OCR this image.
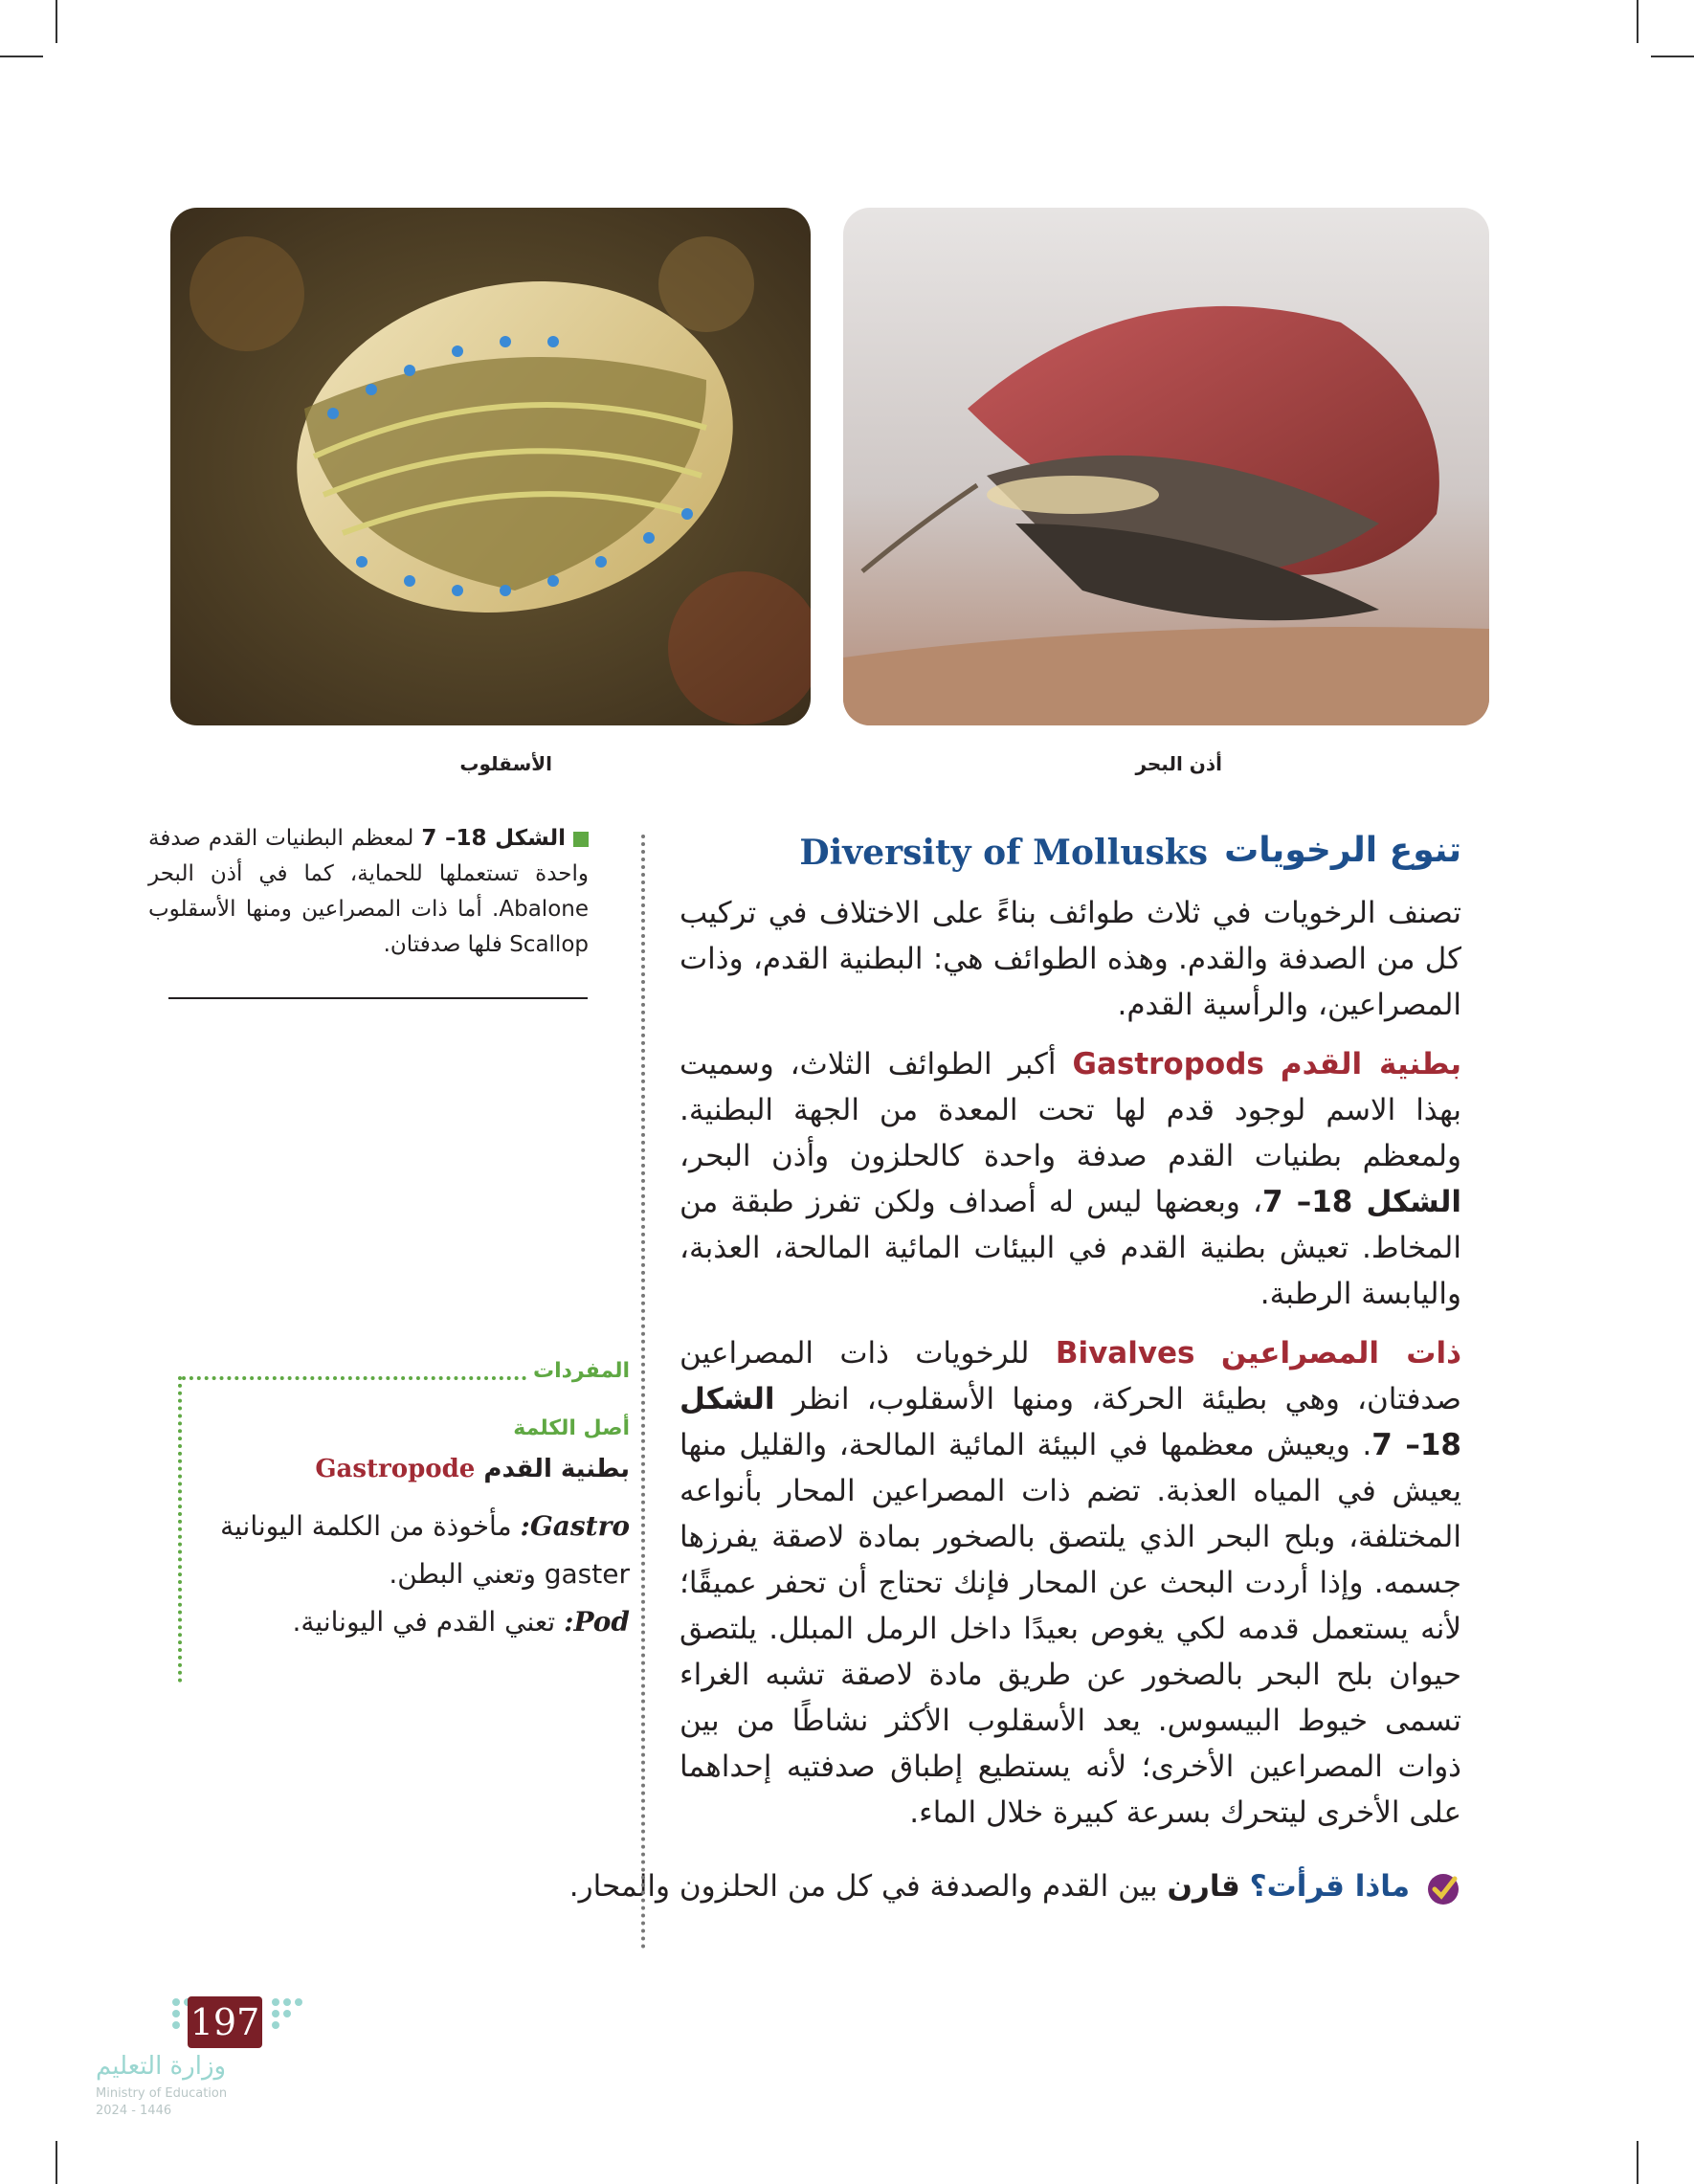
الأسقلوب	أذن البحر
تنوع الرخويات
Diversity of Mollusks

تصنف الرخويات في ثلاث طوائف بناءً على الاختلاف في تركيب كل من الصدفة والقدم. وهذه الطوائف هي: البطنية القدم، وذات المصراعين، والرأسية القدم.

بطنية القدم Gastropods أكبر الطوائف الثلاث، وسميت بهذا الاسم لوجود قدم لها تحت المعدة من الجهة البطنية. ولمعظم بطنيات القدم صدفة واحدة كالحلزون وأذن البحر، الشكل 18– 7، وبعضها ليس له أصداف ولكن تفرز طبقة من المخاط. تعيش بطنية القدم في البيئات المائية المالحة، العذبة، واليابسة الرطبة.

ذات المصراعين Bivalves للرخويات ذات المصراعين صدفتان، وهي بطيئة الحركة، ومنها الأسقلوب، انظر الشكل 18– 7. ويعيش معظمها في البيئة المائية المالحة، والقليل منها يعيش في المياه العذبة. تضم ذات المصراعين المحار بأنواعه المختلفة، وبلح البحر الذي يلتصق بالصخور بمادة لاصقة يفرزها جسمه. وإذا أردت البحث عن المحار فإنك تحتاج أن تحفر عميقًا؛ لأنه يستعمل قدمه لكي يغوص بعيدًا داخل الرمل المبلل. يلتصق حيوان بلح البحر بالصخور عن طريق مادة لاصقة تشبه الغراء تسمى خيوط البيسوس. يعد الأسقلوب الأكثر نشاطًا من بين ذوات المصراعين الأخرى؛ لأنه يستطيع إطباق صدفتيه إحداهما على الأخرى ليتحرك بسرعة كبيرة خلال الماء.

ماذا قرأت؟ قارن بين القدم والصدفة في كل من الحلزون والمحار.
الشكل 18– 7 لمعظم البطنيات القدم صدفة واحدة تستعملها للحماية، كما في أذن البحر Abalone. أما ذات المصراعين ومنها الأسقلوب Scallop فلها صدفتان.
المفردات
أصل الكلمة
بطنية القدم Gastropode
Gastro: مأخوذة من الكلمة اليونانية gaster وتعني البطن.
Pod: تعني القدم في اليونانية.
197
وزارة التعليم
Ministry of Education
2024 - 1446
